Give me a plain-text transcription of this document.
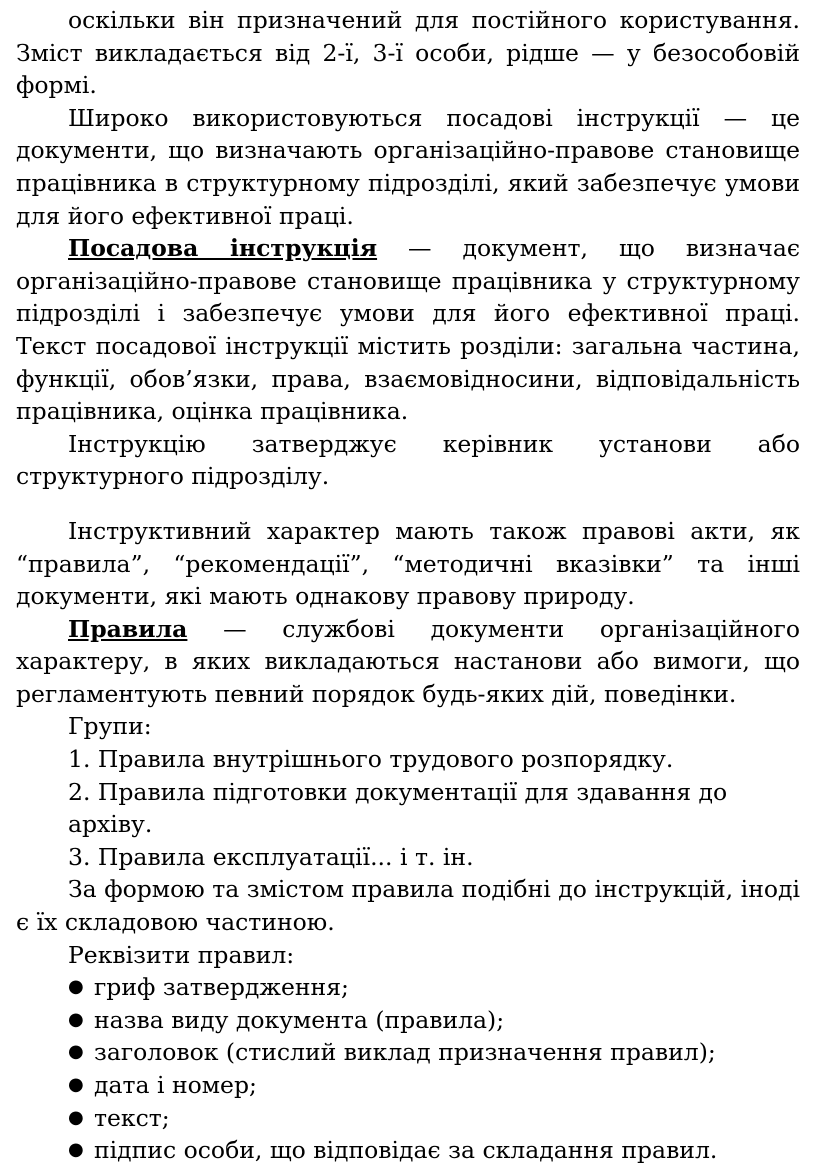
оскільки він призначений для постійного користування. Зміст викладається від 2-ї, 3-ї особи, рідше — у безособовій формі.

Широко використовуються посадові інструкції — це документи, що визначають організаційно-правове становище працівника в структурному підрозділі, який забезпечує умови для його ефективної праці.

Посадова інструкція — документ, що визначає організаційно-правове становище працівника у структурному підрозділі і забезпечує умови для його ефективної праці. Текст посадової інструкції містить розділи: загальна частина, функції, обов’язки, права, взаємовідносини, відповідальність працівника, оцінка працівника.

Інструкцію затверджує керівник установи або структурного підрозділу.

Інструктивний характер мають також правові акти, як “правила”, “рекомендації”, “методичні вказівки” та інші документи, які мають однакову правову природу.

Правила — службові документи організаційного характеру, в яких викладаються настанови або вимоги, що регламентують певний порядок будь-яких дій, поведінки.

Групи:

1. Правила внутрішнього трудового розпорядку.

2. Правила підготовки документації для здавання до архіву.

3. Правила експлуатації... і т. ін.

За формою та змістом правила подібні до інструкцій, іноді є їх складовою частиною.

Реквізити правил:

● гриф затвердження;
● назва виду документа (правила);
● заголовок (стислий виклад призначення правил);
● дата і номер;
● текст;
● підпис особи, що відповідає за складання правил.
